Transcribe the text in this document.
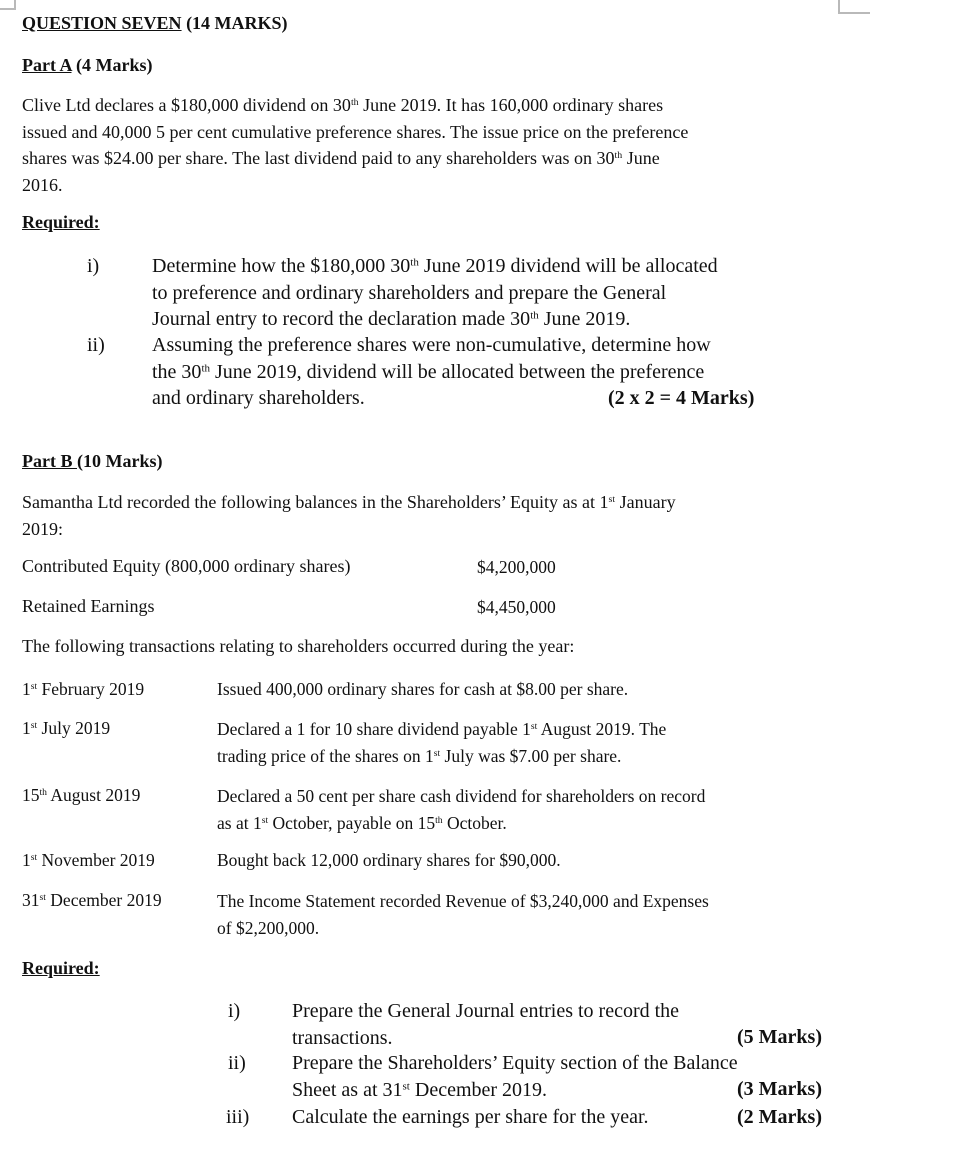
QUESTION SEVEN (14 MARKS)
Part A (4 Marks)
Clive Ltd declares a $180,000 dividend on 30th June 2019. It has 160,000 ordinary shares
issued and 40,000 5 per cent cumulative preference shares. The issue price on the preference
shares was $24.00 per share. The last dividend paid to any shareholders was on 30th June
2016.
Required:
i)	Determine how the $180,000 30th June 2019 dividend will be allocated
to preference and ordinary shareholders and prepare the General
Journal entry to record the declaration made 30th June 2019.
ii) Assuming the preference shares were non-cumulative, determine how
the 30th June 2019, dividend will be allocated between the preference
and ordinary shareholders.	(2 x 2 = 4 Marks)
Part B (10 Marks)
Samantha Ltd recorded the following balances in the Shareholders’ Equity as at 1st January
2019:
Contributed Equity (800,000 ordinary shares)	$4,200,000
Retained Earnings	$4,450,000
The following transactions relating to shareholders occurred during the year:
1st February 2019	Issued 400,000 ordinary shares for cash at $8.00 per share.
1st July 2019	Declared a 1 for 10 share dividend payable 1st August 2019. The
trading price of the shares on 1st July was $7.00 per share.
15th August 2019	Declared a 50 cent per share cash dividend for shareholders on record
as at 1st October, payable on 15th October.
1st November 2019	Bought back 12,000 ordinary shares for $90,000.
31st December 2019	The Income Statement recorded Revenue of $3,240,000 and Expenses
of $2,200,000.
Required:
i)	Prepare the General Journal entries to record the
transactions.	(5 Marks)
ii) Prepare the Shareholders’ Equity section of the Balance
Sheet as at 31st December 2019.	(3 Marks)
iii) Calculate the earnings per share for the year.	(2 Marks)
